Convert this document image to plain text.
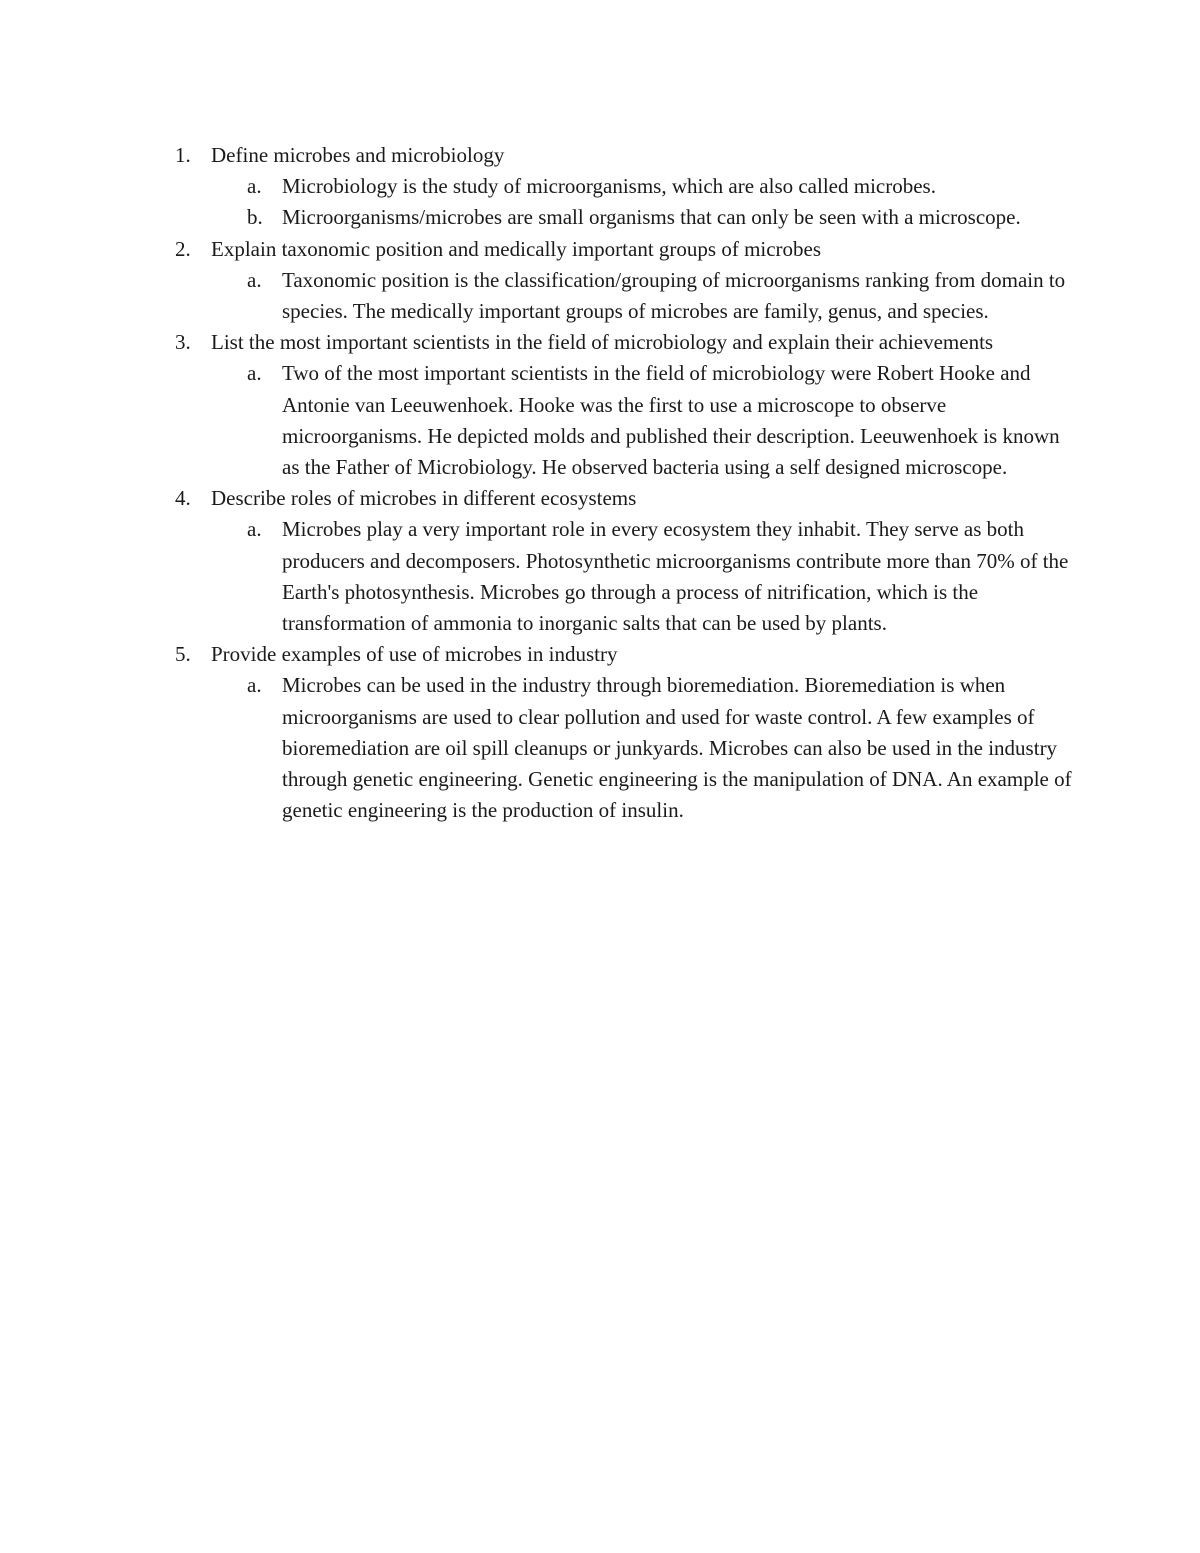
1. Define microbes and microbiology
a. Microbiology is the study of microorganisms, which are also called microbes.
b. Microorganisms/microbes are small organisms that can only be seen with a microscope.
2. Explain taxonomic position and medically important groups of microbes
a. Taxonomic position is the classification/grouping of microorganisms ranking from domain to species. The medically important groups of microbes are family, genus, and species.
3. List the most important scientists in the field of microbiology and explain their achievements
a. Two of the most important scientists in the field of microbiology were Robert Hooke and Antonie van Leeuwenhoek. Hooke was the first to use a microscope to observe microorganisms. He depicted molds and published their description. Leeuwenhoek is known as the Father of Microbiology. He observed bacteria using a self designed microscope.
4. Describe roles of microbes in different ecosystems
a. Microbes play a very important role in every ecosystem they inhabit. They serve as both producers and decomposers. Photosynthetic microorganisms contribute more than 70% of the Earth's photosynthesis. Microbes go through a process of nitrification, which is the transformation of ammonia to inorganic salts that can be used by plants.
5. Provide examples of use of microbes in industry
a. Microbes can be used in the industry through bioremediation. Bioremediation is when microorganisms are used to clear pollution and used for waste control. A few examples of bioremediation are oil spill cleanups or junkyards. Microbes can also be used in the industry through genetic engineering. Genetic engineering is the manipulation of DNA. An example of genetic engineering is the production of insulin.
